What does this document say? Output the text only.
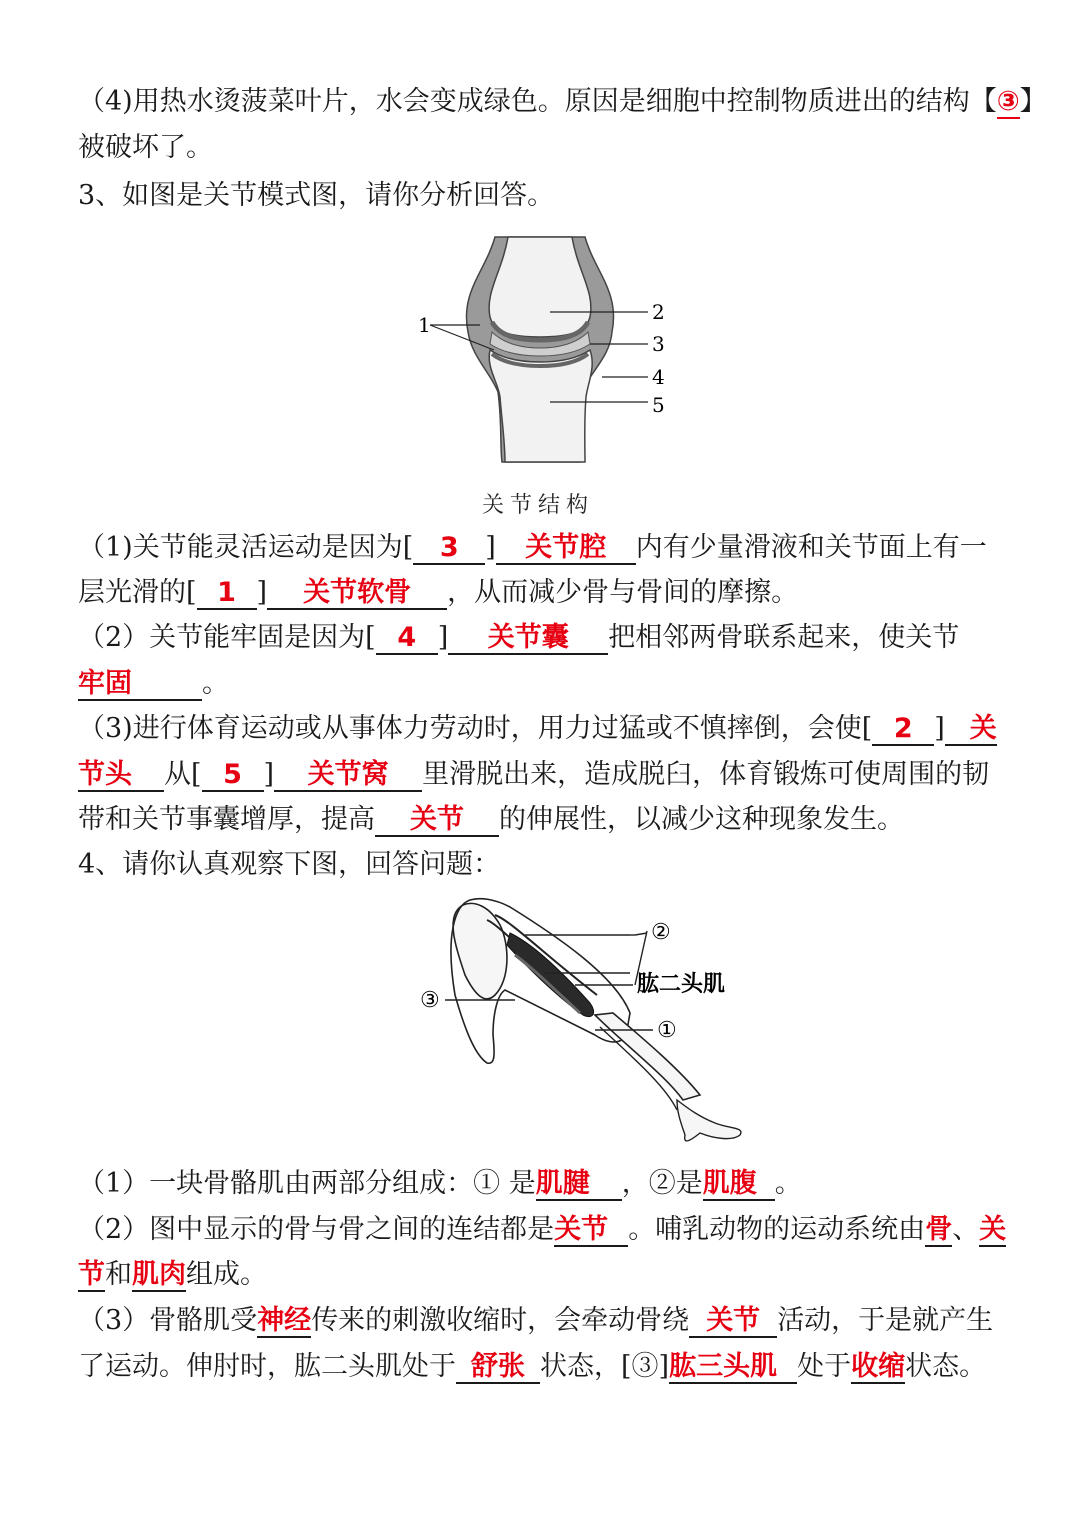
（4)用热水烫菠菜叶片，水会变成绿色。原因是细胞中控制物质进出的结构【③】
被破坏了。
3、如图是关节模式图，请你分析回答。
1
2
3
4
5
关节结构
（1)关节能灵活运动是因为[ 3 ] 关节腔 内有少量滑液和关节面上有一
层光滑的[ 1 ] 关节软骨 ，从而减少骨与骨间的摩擦。
（2）关节能牢固是因为[ 4 ] 关节囊 把相邻两骨联系起来，使关节
牢固	。
（3)进行体育运动或从事体力劳动时，用力过猛或不慎摔倒，会使[ 2 ] 关
节头 从[ 5 ] 关节窝 里滑脱出来，造成脱臼，体育锻炼可使周围的韧
带和关节事囊增厚，提高 关节 的伸展性，以减少这种现象发生。
4、请你认真观察下图，回答问题：
②
③
①
肱二头肌
（1）一块骨骼肌由两部分组成：① 是肌腱 ，②是肌腹 。
（2）图中显示的骨与骨之间的连结都是关节 。哺乳动物的运动系统由骨、关
节和肌肉组成。
（3）骨骼肌受神经传来的刺激收缩时，会牵动骨绕 关节 活动，于是就产生
了运动。伸肘时，肱二头肌处于 舒张 状态，[③]肱三头肌 处于收缩状态。
